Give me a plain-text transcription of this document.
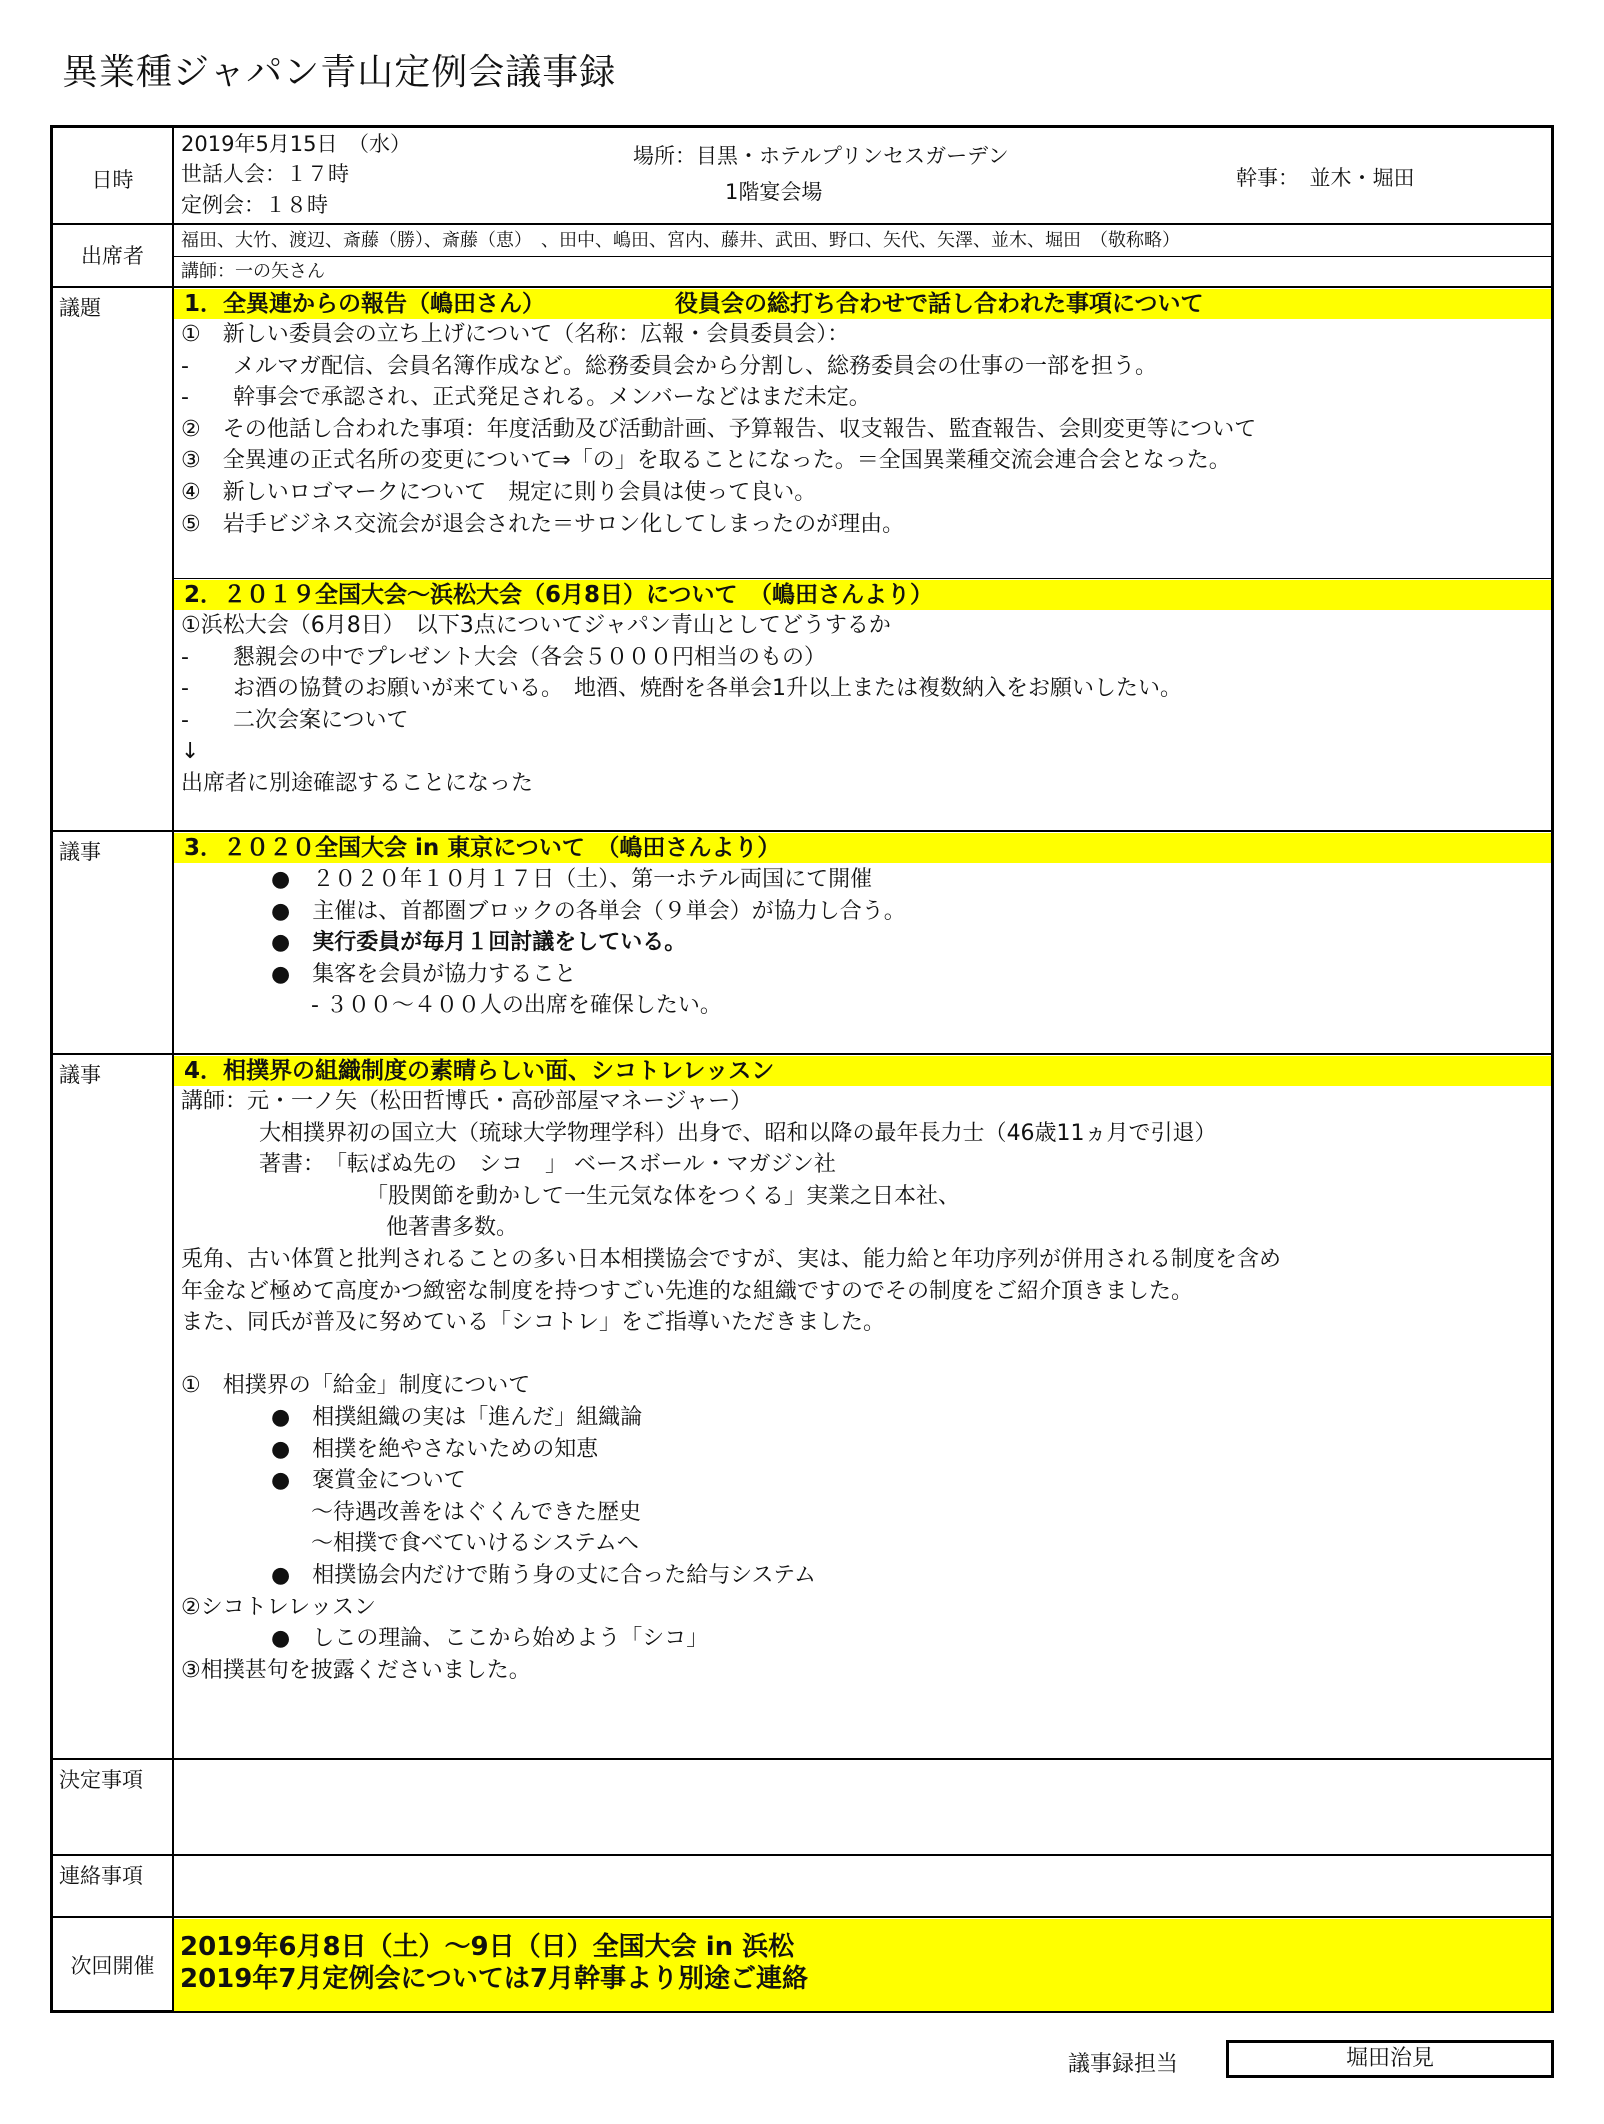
異業種ジャパン青山定例会議事録
日時
2019年5月15日　（水）
世話人会：１７時
定例会：１８時
場所：目黒・ホテルプリンセスガーデン
1階宴会場
幹事：　並木・堀田
出席者
福田、大竹、渡辺、斎藤（勝）、斎藤（恵）　、田中、嶋田、宮内、藤井、武田、野口、矢代、矢澤、並木、堀田　（敬称略）
講師：一の矢さん
議題
議事
議事
決定事項
連絡事項
次回開催
1．全異連からの報告（嶋田さん）	役員会の総打ち合わせで話し合われた事項について
①　新しい委員会の立ち上げについて（名称：広報・会員委員会）：
-　　メルマガ配信、会員名簿作成など。総務委員会から分割し、総務委員会の仕事の一部を担う。
-　　幹事会で承認され、正式発足される。メンバーなどはまだ未定。
②　その他話し合われた事項：年度活動及び活動計画、予算報告、収支報告、監査報告、会則変更等について
③　全異連の正式名所の変更について⇒「の」を取ることになった。＝全国異業種交流会連合会となった。
④　新しいロゴマークについて　規定に則り会員は使って良い。
⑤　岩手ビジネス交流会が退会された＝サロン化してしまったのが理由。
2．２０１９全国大会～浜松大会（6月8日）について　（嶋田さんより）
①浜松大会（6月8日）　以下3点についてジャパン青山としてどうするか
-　　懇親会の中でプレゼント大会（各会５０００円相当のもの）
-　　お酒の協賛のお願いが来ている。　地酒、焼酎を各単会1升以上または複数納入をお願いしたい。
-　　二次会案について
↓
出席者に別途確認することになった
3．２０２０全国大会 in 東京について　（嶋田さんより）
●　２０２０年１０月１７日（土）、第一ホテル両国にて開催
●　主催は、首都圏ブロックの各単会（９単会）が協力し合う。
●　実行委員が毎月１回討議をしている。
●　集客を会員が協力すること
‐ ３００～４００人の出席を確保したい。
4．相撲界の組織制度の素晴らしい面、シコトレレッスン
講師：元・一ノ矢（松田哲博氏・高砂部屋マネージャー）
大相撲界初の国立大（琉球大学物理学科）出身で、昭和以降の最年長力士（46歳11ヵ月で引退）
著書：　「転ばぬ先の　シコ　」 ベースボール・マガジン社
「股関節を動かして一生元気な体をつくる」実業之日本社、
他著書多数。
兎角、古い体質と批判されることの多い日本相撲協会ですが、実は、能力給と年功序列が併用される制度を含め
年金など極めて高度かつ緻密な制度を持つすごい先進的な組織ですのでその制度をご紹介頂きました。
また、同氏が普及に努めている「シコトレ」をご指導いただきました。
①　相撲界の「給金」制度について
●　相撲組織の実は「進んだ」組織論
●　相撲を絶やさないための知恵
●　褒賞金について
～待遇改善をはぐくんできた歴史
～相撲で食べていけるシステムへ
●　相撲協会内だけで賄う身の丈に合った給与システム
②シコトレレッスン
●　しこの理論、ここから始めよう「シコ」
③相撲甚句を披露くださいました。
2019年6月8日（土）～9日（日）全国大会 in 浜松
2019年7月定例会については7月幹事より別途ご連絡
議事録担当	堀田治見
